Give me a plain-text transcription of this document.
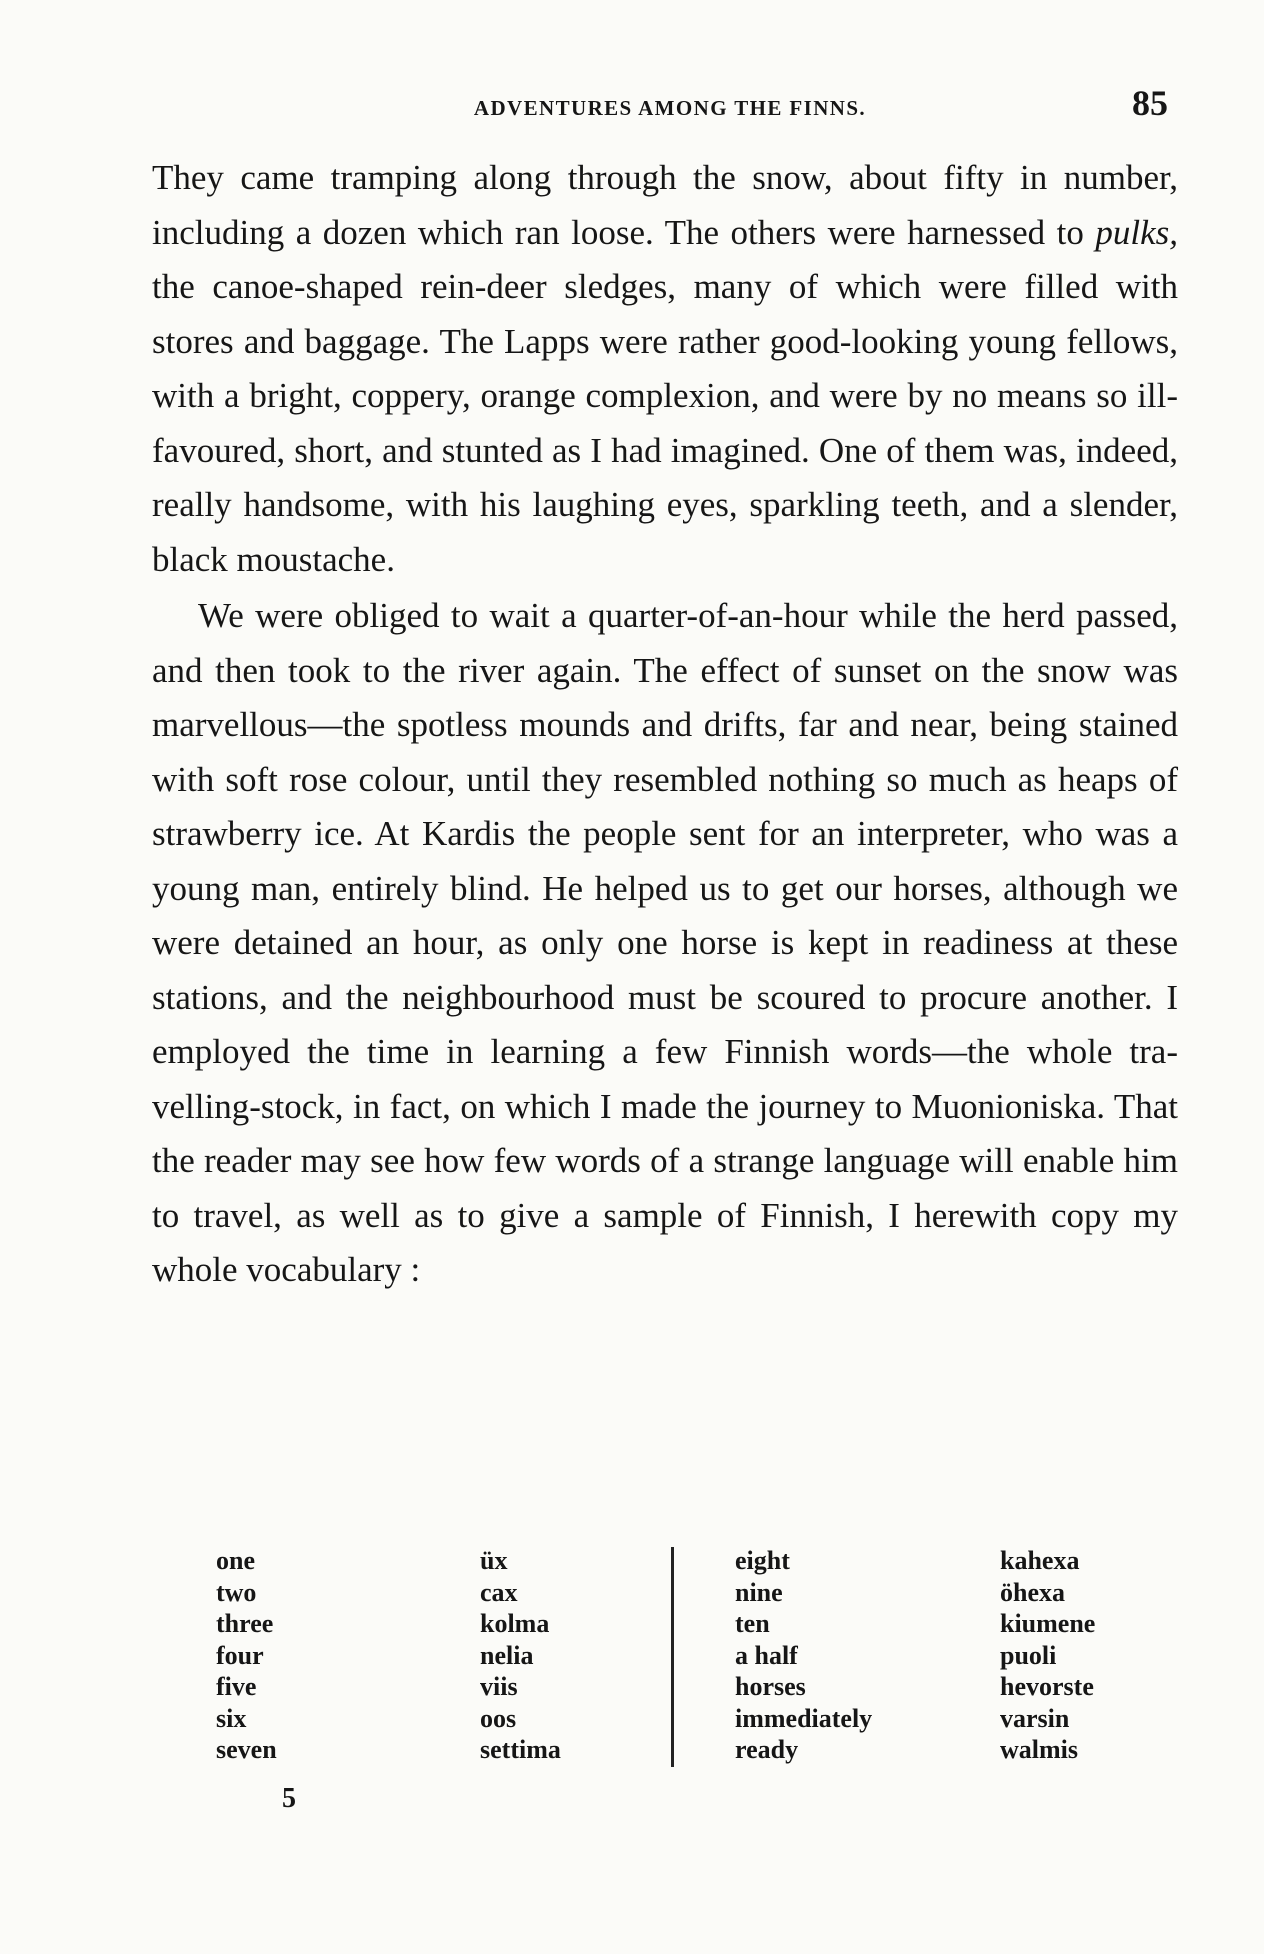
ADVENTURES AMONG THE FINNS.	85

They came tramping along through the snow, about fifty in number, including a dozen which ran loose. The others were harnessed to pulks, the canoe-shaped rein-deer sledges, many of which were filled with stores and baggage. The Lapps were rather good-looking young fellows, with a bright, coppery, orange complexion, and were by no means so ill-favoured, short, and stunted as I had imagined. One of them was, indeed, really handsome, with his laughing eyes, sparkling teeth, and a slender, black moustache.

We were obliged to wait a quarter-of-an-hour while the herd passed, and then took to the river again. The effect of sunset on the snow was marvellous—the spotless mounds and drifts, far and near, being stained with soft rose colour, until they resembled nothing so much as heaps of strawberry ice. At Kardis the people sent for an interpreter, who was a young man, entirely blind. He helped us to get our horses, although we were detained an hour, as only one horse is kept in readiness at these stations, and the neighbourhood must be scoured to procure another. I employed the time in learning a few Finnish words—the whole travelling-stock, in fact, on which I made the journey to Muonioniska. That the reader may see how few words of a strange language will enable him to travel, as well as to give a sample of Finnish, I herewith copy my whole vocabulary :

one
two
three
four
five
six
seven
üx
cax
kolma
nelia
viis
oos
settima
eight
nine
ten
a half
horses
immediately
ready
kahexa
öhexa
kiumene
puoli
hevorste
varsin
walmis
5
